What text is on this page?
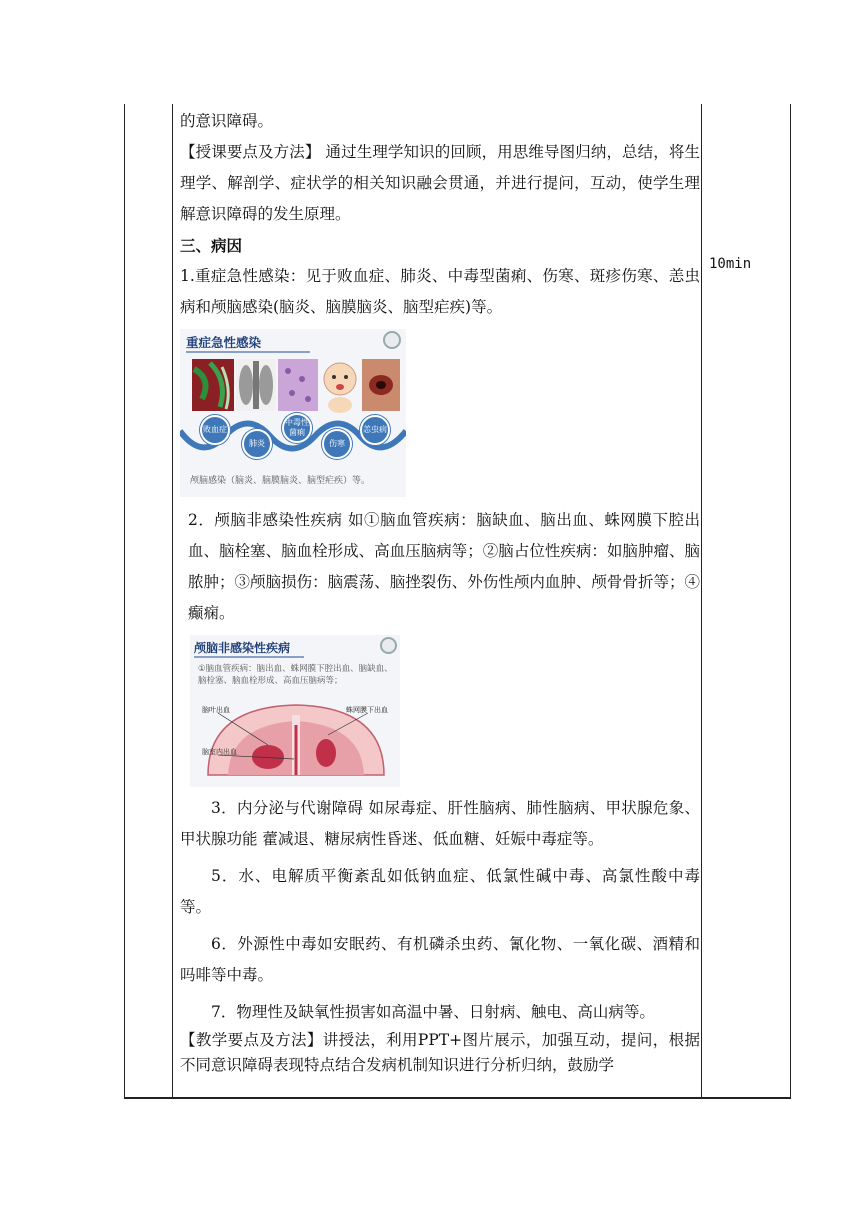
10min

的意识障碍。

【授课要点及方法】 通过生理学知识的回顾，用思维导图归纳，总结，将生理学、解剖学、症状学的相关知识融会贯通，并进行提问，互动，使学生理解意识障碍的发生原理。

三、病因

1.重症急性感染：见于败血症、肺炎、中毒型菌痢、伤寒、斑疹伤寒、恙虫病和颅脑感染(脑炎、脑膜脑炎、脑型疟疾)等。

重症急性感染
败血症
肺炎
中毒性菌痢
伤寒
恙虫病
颅脑感染（脑炎、脑膜脑炎、脑型疟疾）等。

2．颅脑非感染性疾病 如①脑血管疾病：脑缺血、脑出血、蛛网膜下腔出血、脑栓塞、脑血栓形成、高血压脑病等；②脑占位性疾病：如脑肿瘤、脑脓肿；③颅脑损伤：脑震荡、脑挫裂伤、外伤性颅内血肿、颅骨骨折等；④癫痫。

颅脑非感染性疾病
①脑血管疾病：脑出血、蛛网膜下腔出血、脑缺血、脑栓塞、脑血栓形成、高血压脑病等；
脑叶出血	蛛网膜下出血
脑室内出血

3．内分泌与代谢障碍 如尿毒症、肝性脑病、肺性脑病、甲状腺危象、甲状腺功能 藿减退、糖尿病性昏迷、低血糖、妊娠中毒症等。

5．水、电解质平衡紊乱如低钠血症、低氯性碱中毒、高氯性酸中毒等。

6．外源性中毒如安眠药、有机磷杀虫药、氰化物、一氧化碳、酒精和吗啡等中毒。

7．物理性及缺氧性损害如高温中暑、日射病、触电、高山病等。

【教学要点及方法】讲授法，利用PPT+图片展示，加强互动，提问，根据不同意识障碍表现特点结合发病机制知识进行分析归纳，鼓励学
